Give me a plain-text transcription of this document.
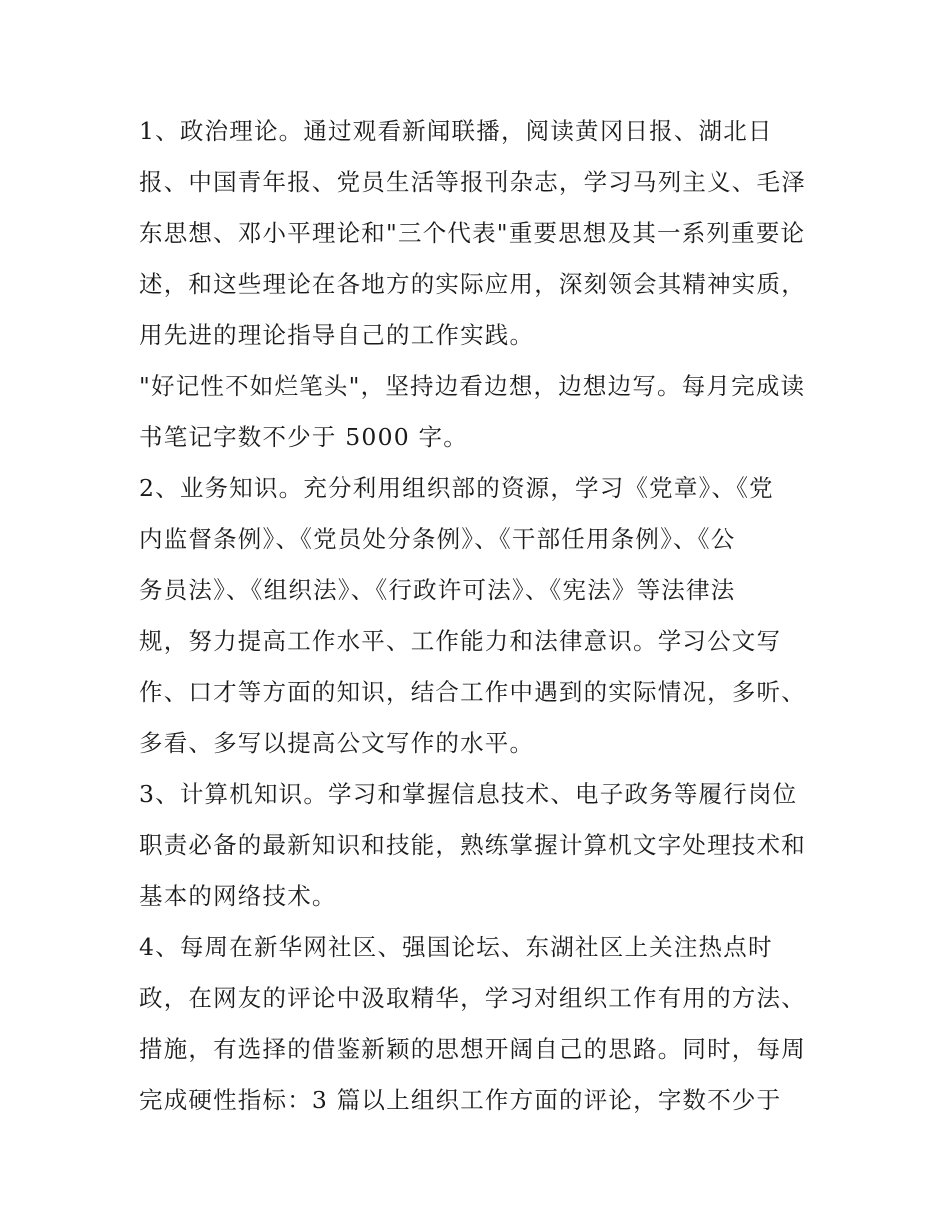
1、政治理论。通过观看新闻联播，阅读黄冈日报、湖北日
报、中国青年报、党员生活等报刊杂志，学习马列主义、毛泽
东思想、邓小平理论和"三个代表"重要思想及其一系列重要论
述，和这些理论在各地方的实际应用，深刻领会其精神实质，
用先进的理论指导自己的工作实践。
"好记性不如烂笔头"，坚持边看边想，边想边写。每月完成读
书笔记字数不少于 5000 字。
2、业务知识。充分利用组织部的资源，学习《党章》、《党
内监督条例》、《党员处分条例》、《干部任用条例》、《公
务员法》、《组织法》、《行政许可法》、《宪法》等法律法
规，努力提高工作水平、工作能力和法律意识。学习公文写
作、口才等方面的知识，结合工作中遇到的实际情况，多听、
多看、多写以提高公文写作的水平。
3、计算机知识。学习和掌握信息技术、电子政务等履行岗位
职责必备的最新知识和技能，熟练掌握计算机文字处理技术和
基本的网络技术。
4、每周在新华网社区、强国论坛、东湖社区上关注热点时
政，在网友的评论中汲取精华，学习对组织工作有用的方法、
措施，有选择的借鉴新颖的思想开阔自己的思路。同时，每周
完成硬性指标：3 篇以上组织工作方面的评论，字数不少于
